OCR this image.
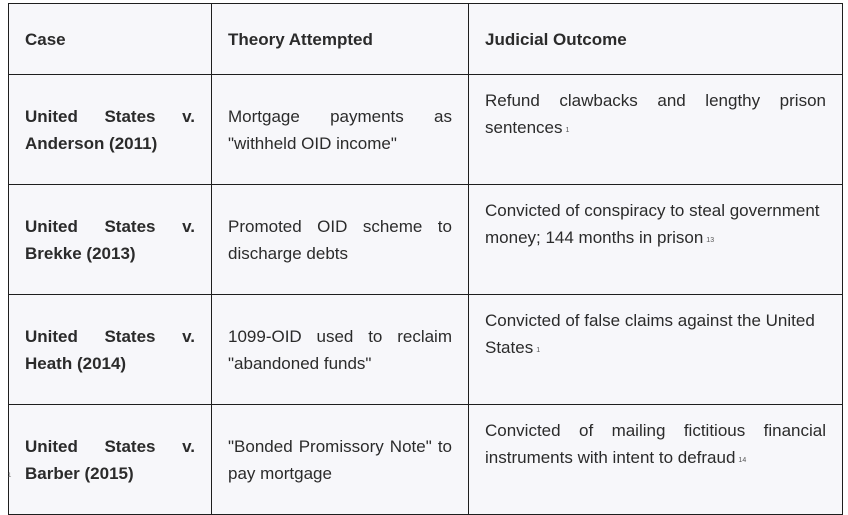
Case	Theory Attempted	Judicial Outcome
United States v. Anderson (2011)	Mortgage payments as "withheld OID income"	Refund clawbacks and lengthy prison sentences $^1$
United States v. Brekke (2013)	Promoted OID scheme to discharge debts	Convicted of conspiracy to steal government money; 144 months in prison $^{13}$
United States v. Heath (2014)	1099-OID used to reclaim "abandoned funds"	Convicted of false claims against the United States $^1$
United States v. Barber (2015)	"Bonded Promissory Note" to pay mortgage	Convicted of mailing fictitious financial instruments with intent to defraud $^{14}$
1
